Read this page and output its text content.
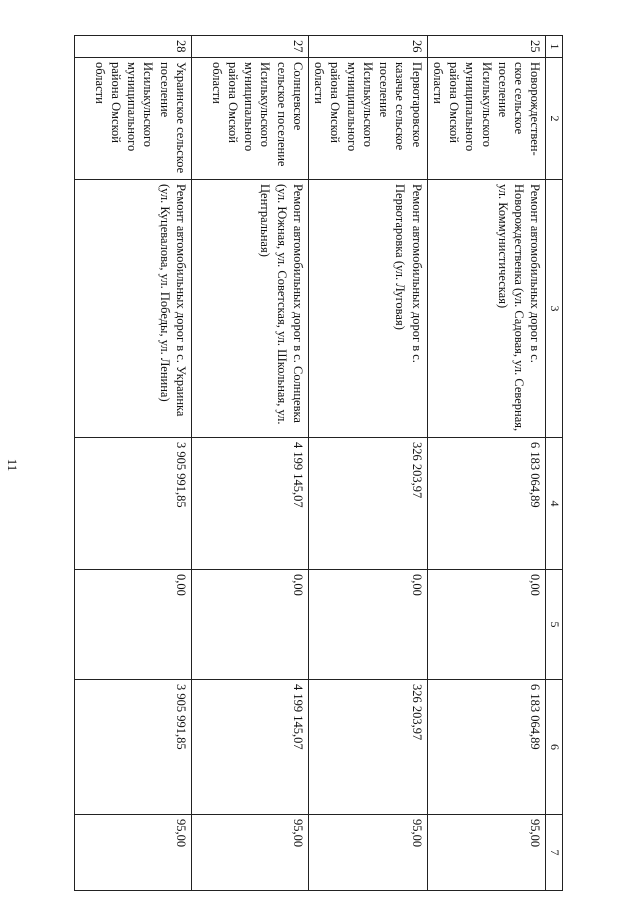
11
1	2	3	4	5	6	7
25	Новорождествен-ское сельское поселение Исилькульского муниципального района Омской области	Ремонт автомобильных дорог в с. Новорождественка (ул. Садовая, ул. Северная, ул. Коммунистическая)	6 183 064,89	0,00	6 183 064,89	95,00
26	Первотаровское казачье сельское поселение Исилькульского муниципального района Омской области	Ремонт автомобильных дорог в с. Первотаровка (ул. Луговая)	326 203,97	0,00	326 203,97	95,00
27	Солнцевское сельское поселение Исилькульского муниципального района Омской области	Ремонт автомобильных дорог в с. Солнцевка (ул. Южная, ул. Советская, ул. Школьная, ул. Центральная)	4 199 145,07	0,00	4 199 145,07	95,00
28	Украинское сельское поселение Исилькульского муниципального района Омской области	Ремонт автомобильных дорог в с. Украинка (ул. Куцевалова, ул. Победы, ул. Ленина)	3 905 991,85	0,00	3 905 991,85	95,00
